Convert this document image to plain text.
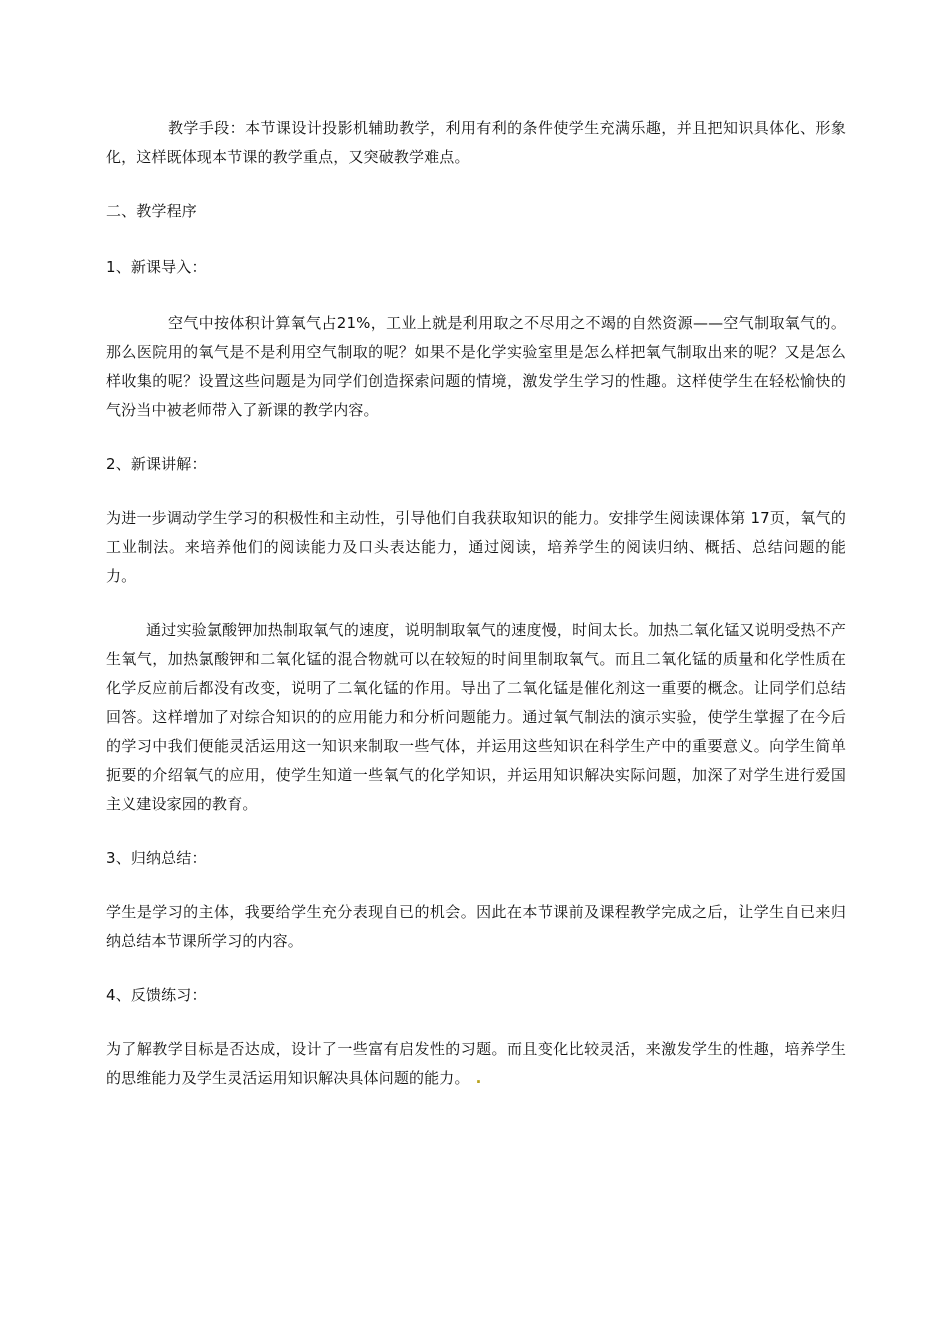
教学手段：本节课设计投影机辅助教学，利用有利的条件使学生充满乐趣，并且把知识具体化、形象化，这样既体现本节课的教学重点，又突破教学难点。

二、教学程序

1、新课导入：

空气中按体积计算氧气占21%，工业上就是利用取之不尽用之不竭的自然资源——空气制取氧气的。那么医院用的氧气是不是利用空气制取的呢？如果不是化学实验室里是怎么样把氧气制取出来的呢？又是怎么样收集的呢？设置这些问题是为同学们创造探索问题的情境，激发学生学习的性趣。这样使学生在轻松愉快的气汾当中被老师带入了新课的教学内容。

2、新课讲解：

为进一步调动学生学习的积极性和主动性，引导他们自我获取知识的能力。安排学生阅读课体第 17页，氧气的工业制法。来培养他们的阅读能力及口头表达能力，通过阅读，培养学生的阅读归纳、概括、总结问题的能力。

通过实验氯酸钾加热制取氧气的速度，说明制取氧气的速度慢，时间太长。加热二氧化锰又说明受热不产生氧气，加热氯酸钾和二氧化锰的混合物就可以在较短的时间里制取氧气。而且二氧化锰的质量和化学性质在化学反应前后都没有改变，说明了二氧化锰的作用。导出了二氧化锰是催化剂这一重要的概念。让同学们总结回答。这样增加了对综合知识的的应用能力和分析问题能力。通过氧气制法的演示实验，使学生掌握了在今后的学习中我们便能灵活运用这一知识来制取一些气体，并运用这些知识在科学生产中的重要意义。向学生简单扼要的介绍氧气的应用，使学生知道一些氧气的化学知识，并运用知识解决实际问题，加深了对学生进行爱国主义建设家园的教育。

3、归纳总结：

学生是学习的主体，我要给学生充分表现自已的机会。因此在本节课前及课程教学完成之后，让学生自已来归纳总结本节课所学习的内容。

4、反馈练习：

为了解教学目标是否达成，设计了一些富有启发性的习题。而且变化比较灵活，来激发学生的性趣，培养学生的思维能力及学生灵活运用知识解决具体问题的能力。 .
